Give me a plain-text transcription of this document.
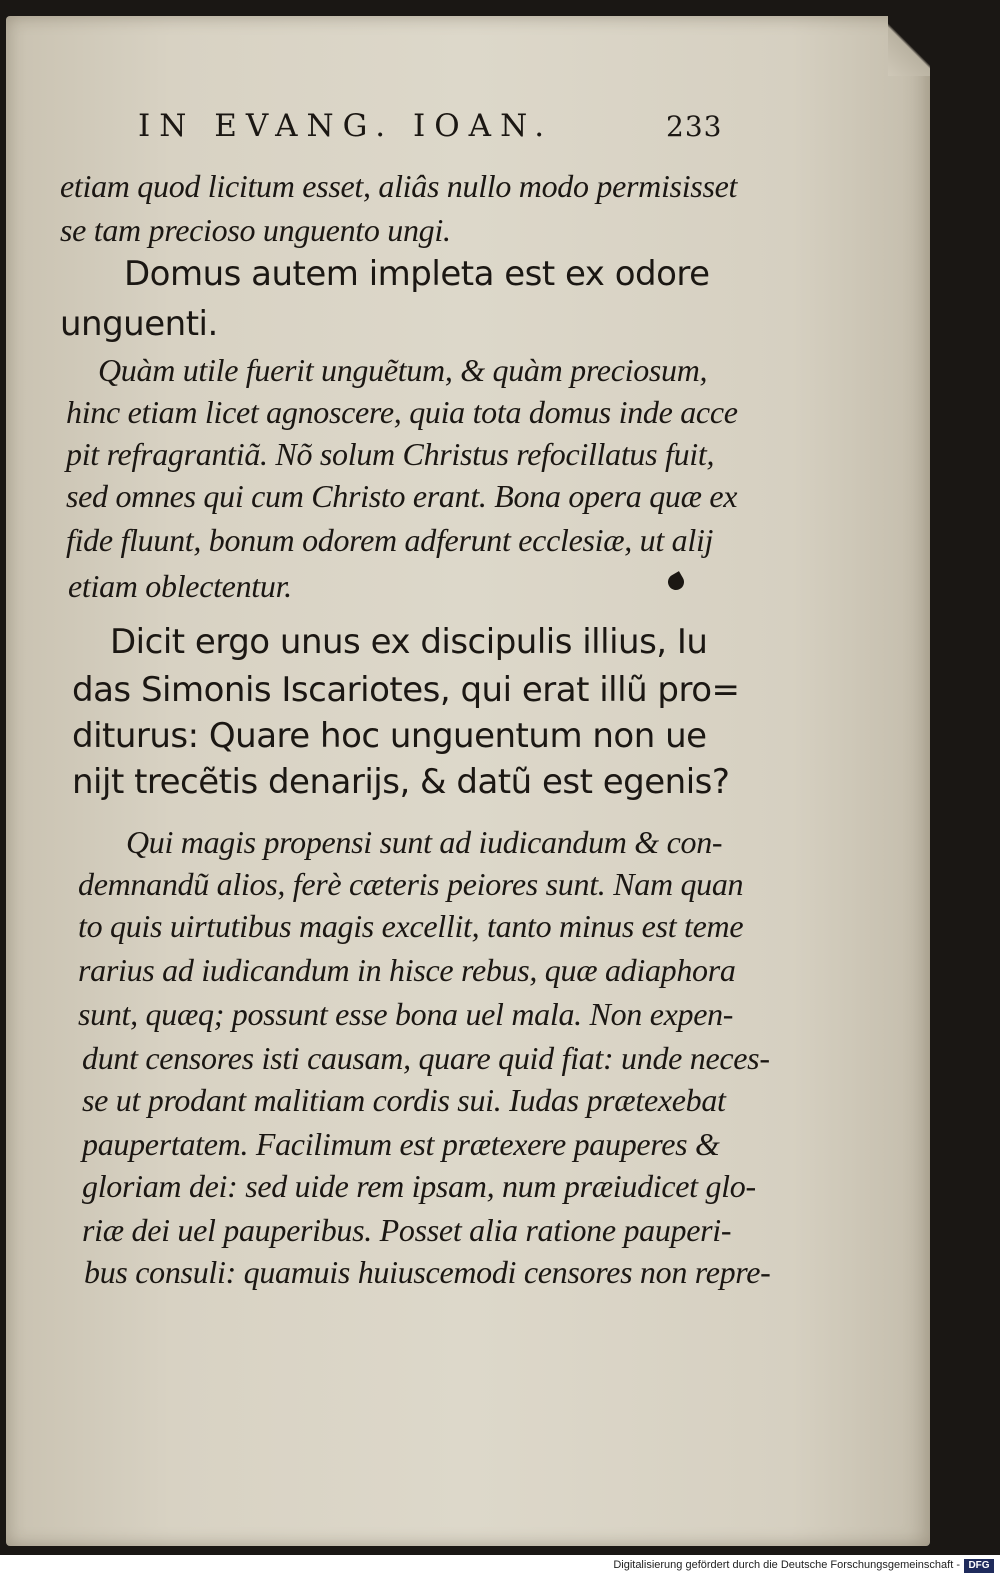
IN EVANG. IOAN.	233
etiam quod licitum esset, aliâs nullo modo permisisset
se tam precioso unguento ungi.
Domus autem impleta est ex odore
unguenti.
Quàm utile fuerit unguẽtum, & quàm preciosum,
hinc etiam licet agnoscere, quia tota domus inde acce
pit refragrantiã. Nõ solum Christus refocillatus fuit,
sed omnes qui cum Christo erant. Bona opera quæ ex
fide fluunt, bonum odorem adferunt ecclesiæ, ut alij
etiam oblectentur.
Dicit ergo unus ex discipulis illius, Iu
das Simonis Iscariotes, qui erat illũ pro=
diturus: Quare hoc unguentum non ue
nijt trecẽtis denarijs, & datũ est egenis?
Qui magis propensi sunt ad iudicandum & con-
demnandũ alios, ferè cæteris peiores sunt. Nam quan
to quis uirtutibus magis excellit, tanto minus est teme
rarius ad iudicandum in hisce rebus, quæ adiaphora
sunt, quæq; possunt esse bona uel mala. Non expen-
dunt censores isti causam, quare quid fiat: unde neces-
se ut prodant malitiam cordis sui. Iudas prætexebat
paupertatem. Facilimum est prætexere pauperes &
gloriam dei: sed uide rem ipsam, num præiudicet glo-
riæ dei uel pauperibus. Posset alia ratione pauperi-
bus consuli: quamuis huiuscemodi censores non repre-
Digitalisierung gefördert durch die Deutsche Forschungsgemeinschaft - DFG
